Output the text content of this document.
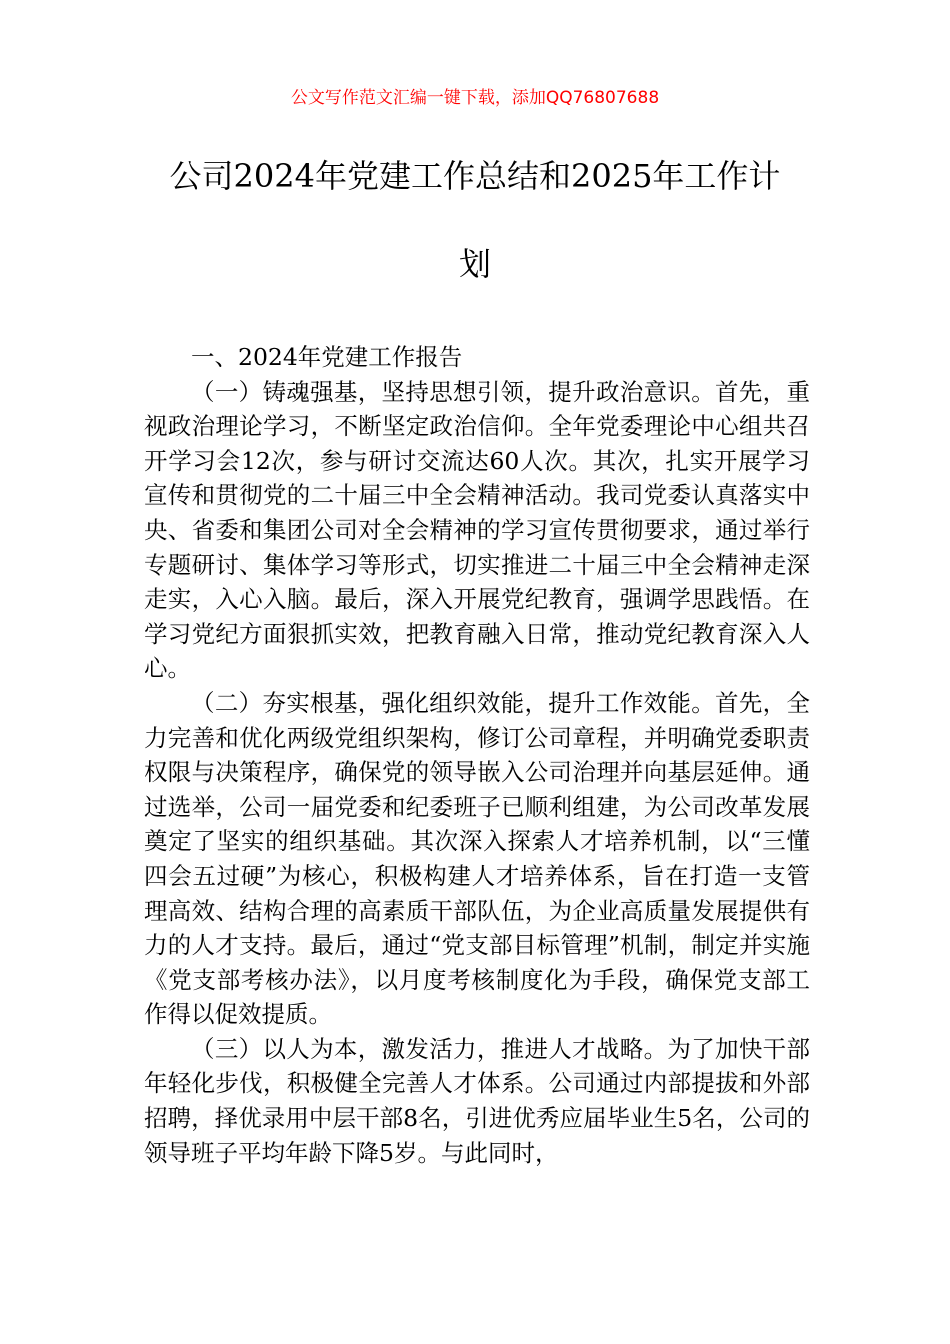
公文写作范文汇编一键下载，添加QQ76807688
公司2024年党建工作总结和2025年工作计
划

一、2024年党建工作报告

（一）铸魂强基，坚持思想引领，提升政治意识。首先，重视政治理论学习，不断坚定政治信仰。全年党委理论中心组共召开学习会12次，参与研讨交流达60人次。其次，扎实开展学习宣传和贯彻党的二十届三中全会精神活动。我司党委认真落实中央、省委和集团公司对全会精神的学习宣传贯彻要求，通过举行专题研讨、集体学习等形式，切实推进二十届三中全会精神走深走实，入心入脑。最后，深入开展党纪教育，强调学思践悟。在学习党纪方面狠抓实效，把教育融入日常，推动党纪教育深入人心。

（二）夯实根基，强化组织效能，提升工作效能。首先，全力完善和优化两级党组织架构，修订公司章程，并明确党委职责权限与决策程序，确保党的领导嵌入公司治理并向基层延伸。通过选举，公司一届党委和纪委班子已顺利组建，为公司改革发展奠定了坚实的组织基础。其次深入探索人才培养机制，以“三懂四会五过硬”为核心，积极构建人才培养体系，旨在打造一支管理高效、结构合理的高素质干部队伍，为企业高质量发展提供有力的人才支持。最后，通过“党支部目标管理”机制，制定并实施《党支部考核办法》，以月度考核制度化为手段，确保党支部工作得以促效提质。

（三）以人为本，激发活力，推进人才战略。为了加快干部年轻化步伐，积极健全完善人才体系。公司通过内部提拔和外部招聘，择优录用中层干部8名，引进优秀应届毕业生5名，公司的领导班子平均年龄下降5岁。与此同时，
